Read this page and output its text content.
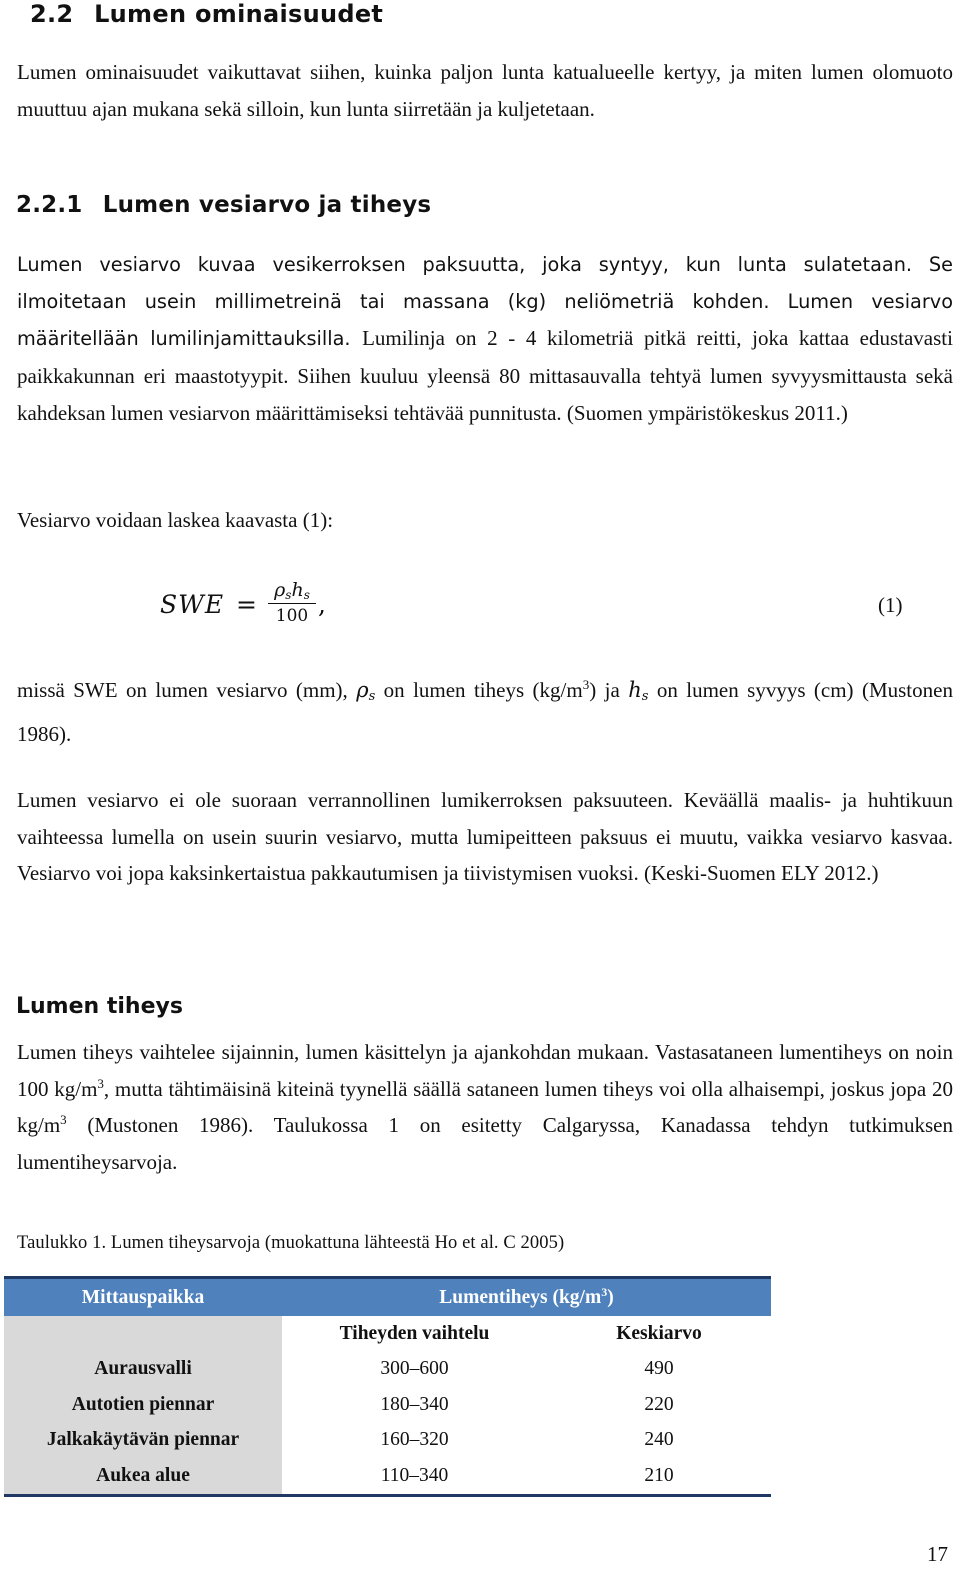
2.2 Lumen ominaisuudet

Lumen ominaisuudet vaikuttavat siihen, kuinka paljon lunta katualueelle kertyy, ja miten lumen olomuoto muuttuu ajan mukana sekä silloin, kun lunta siirretään ja kuljetetaan.

2.2.1 Lumen vesiarvo ja tiheys

Lumen vesiarvo kuvaa vesikerroksen paksuutta, joka syntyy, kun lunta sulatetaan. Se ilmoitetaan usein millimetreinä tai massana (kg) neliömetriä kohden. Lumen vesiarvo määritellään lumilinjamittauksilla. Lumilinja on 2 - 4 kilometriä pitkä reitti, joka kattaa edustavasti paikkakunnan eri maastotyypit. Siihen kuuluu yleensä 80 mittasauvalla tehtyä lumen syvyysmittausta sekä kahdeksan lumen vesiarvon määrittämiseksi tehtävää punnitusta. (Suomen ympäristökeskus 2011.)

Vesiarvo voidaan laskea kaavasta (1):

SWE = $\rho_sh_s$
100 ,	(1)

missä SWE on lumen vesiarvo (mm), $\rho_s$ on lumen tiheys $(kg/m^3)$ ja $h_s$ on lumen syvyys (cm) (Mustonen 1986).

Lumen vesiarvo ei ole suoraan verrannollinen lumikerroksen paksuuteen. Keväällä maalis- ja huhtikuun vaihteessa lumella on usein suurin vesiarvo, mutta lumipeitteen paksuus ei muutu, vaikka vesiarvo kasvaa. Vesiarvo voi jopa kaksinkertaistua pakkautumisen ja tiivistymisen vuoksi. (Keski-Suomen ELY 2012.)

Lumen tiheys

Lumen tiheys vaihtelee sijainnin, lumen käsittelyn ja ajankohdan mukaan. Vastasataneen lumentiheys on noin 100 $kg/m^3$, mutta tähtimäisinä kiteinä tyynellä säällä sataneen lumen tiheys voi olla alhaisempi, joskus jopa 20 $kg/m^3$ (Mustonen 1986). Taulukossa 1 on esitetty Calgaryssa, Kanadassa tehdyn tutkimuksen lumentiheysarvoja.

Taulukko 1. Lumen tiheysarvoja (muokattuna lähteestä Ho et al. C 2005)

Mittauspaikka	Lumentiheys $(kg/m^3)$	
	Tiheyden vaihtelu	Keskiarvo
Aurausvalli	300–600	490
Autotien piennar	180–340	220
Jalkakäytävän piennar	160–320	240
Aukea alue	110–340	210
17
